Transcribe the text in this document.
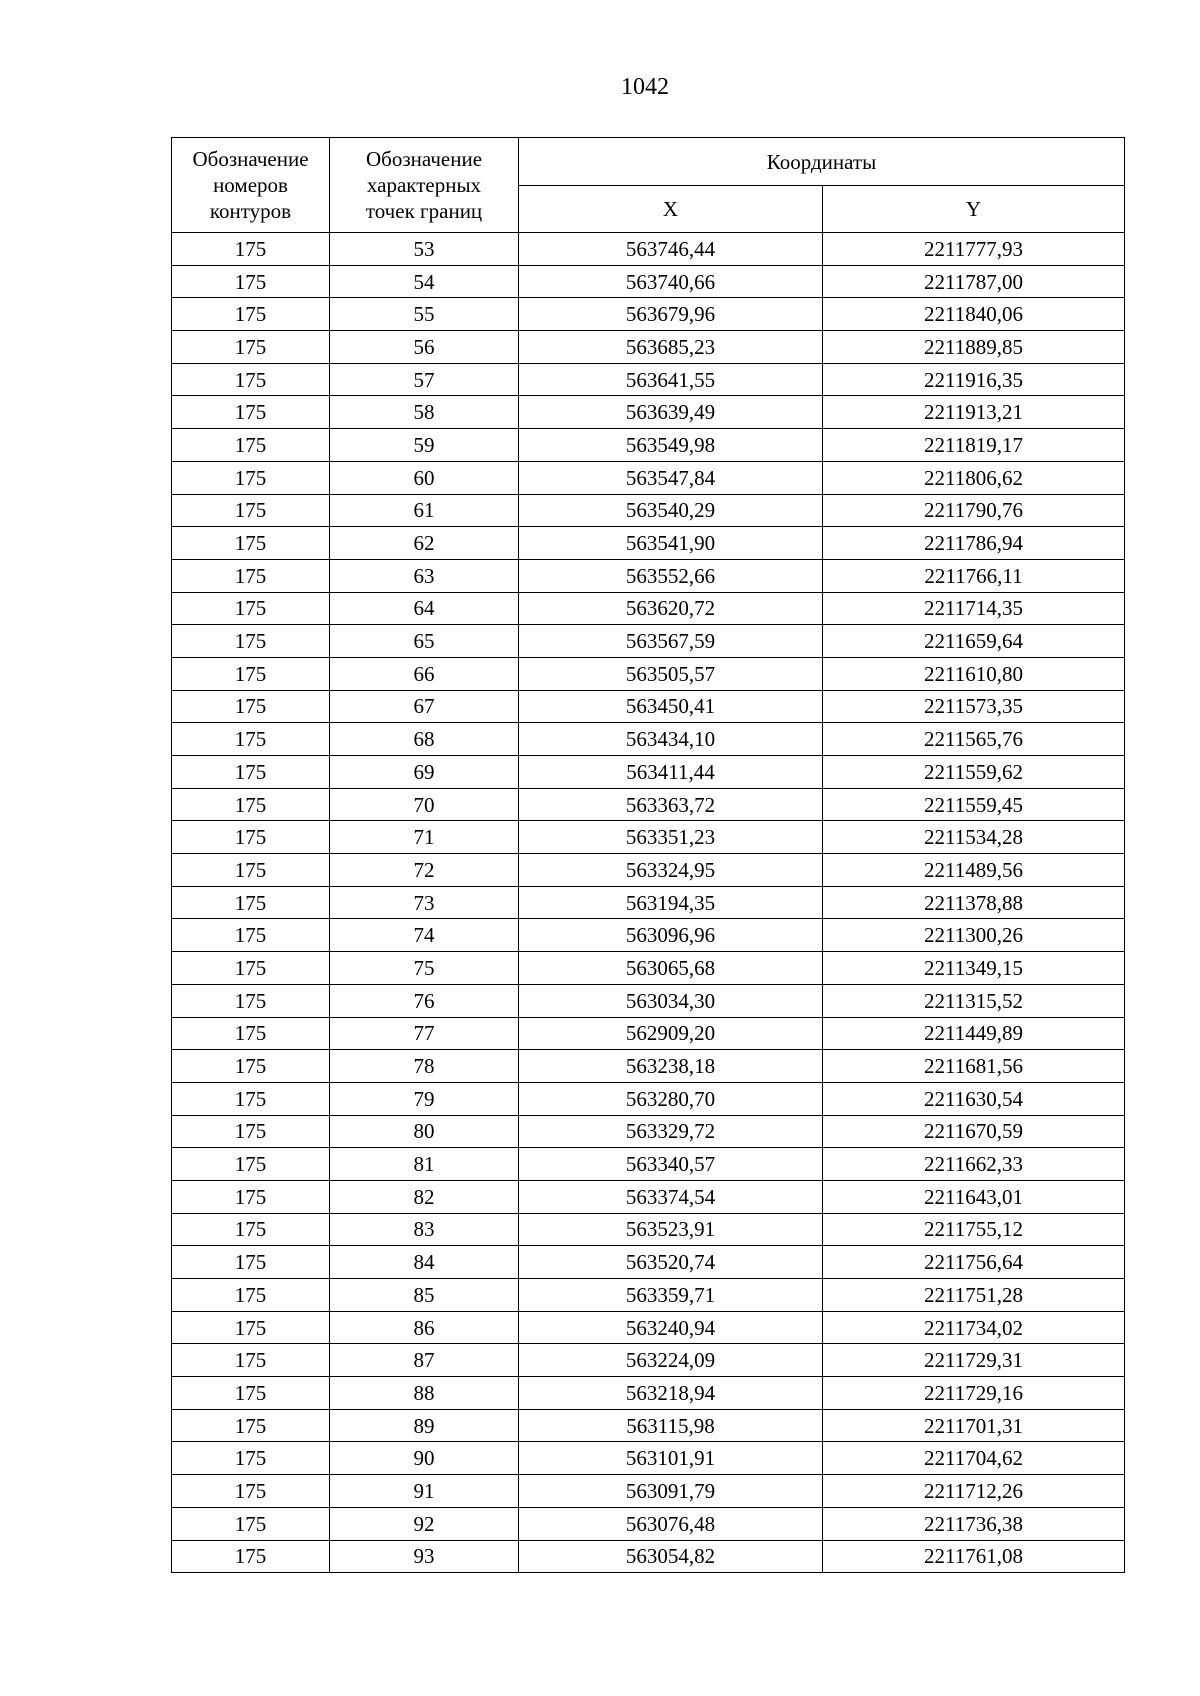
1042
Обозначение
номеров
контуров	Обозначение
характерных
точек границ	Координаты	
		X	Y
175	53	563746,44	2211777,93
175	54	563740,66	2211787,00
175	55	563679,96	2211840,06
175	56	563685,23	2211889,85
175	57	563641,55	2211916,35
175	58	563639,49	2211913,21
175	59	563549,98	2211819,17
175	60	563547,84	2211806,62
175	61	563540,29	2211790,76
175	62	563541,90	2211786,94
175	63	563552,66	2211766,11
175	64	563620,72	2211714,35
175	65	563567,59	2211659,64
175	66	563505,57	2211610,80
175	67	563450,41	2211573,35
175	68	563434,10	2211565,76
175	69	563411,44	2211559,62
175	70	563363,72	2211559,45
175	71	563351,23	2211534,28
175	72	563324,95	2211489,56
175	73	563194,35	2211378,88
175	74	563096,96	2211300,26
175	75	563065,68	2211349,15
175	76	563034,30	2211315,52
175	77	562909,20	2211449,89
175	78	563238,18	2211681,56
175	79	563280,70	2211630,54
175	80	563329,72	2211670,59
175	81	563340,57	2211662,33
175	82	563374,54	2211643,01
175	83	563523,91	2211755,12
175	84	563520,74	2211756,64
175	85	563359,71	2211751,28
175	86	563240,94	2211734,02
175	87	563224,09	2211729,31
175	88	563218,94	2211729,16
175	89	563115,98	2211701,31
175	90	563101,91	2211704,62
175	91	563091,79	2211712,26
175	92	563076,48	2211736,38
175	93	563054,82	2211761,08
